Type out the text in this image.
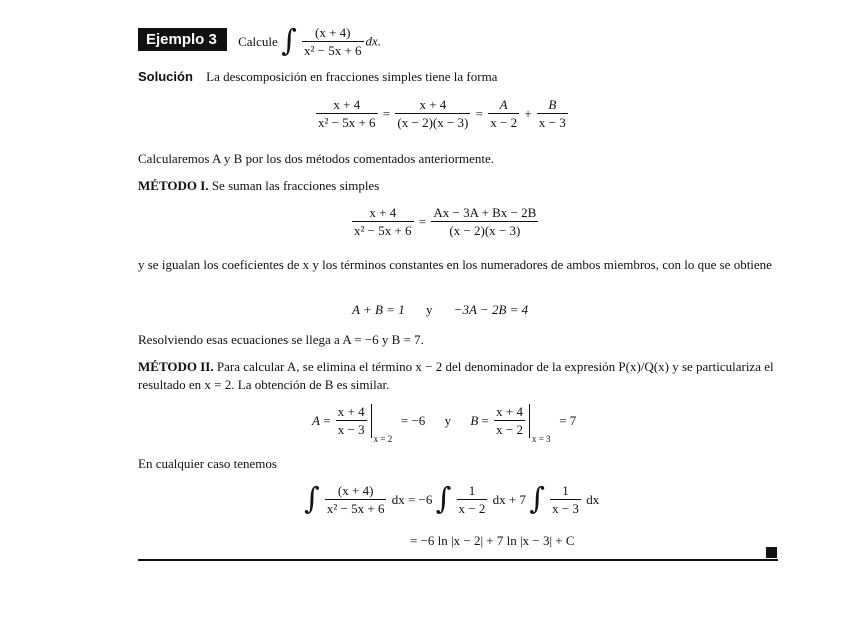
Ejemplo 3 Calcule ∫ $\frac{(x + 4)}{\text{x² − 5x + 6}}$ dx.
Solución La descomposición en fracciones simples tiene la forma
$\frac{x + 4}{\text{x² − 5x + 6}} = \frac{x + 4}{(x - 2)(x - 3)} = \frac{A}{x - 2} + \frac{B}{x - 3}$
Calcularemos A y B por los dos métodos comentados anteriormente.
MÉTODO I. Se suman las fracciones simples
$\frac{x + 4}{\text{x² − 5x + 6}} = \frac{Ax - 3A + Bx - 2B}{(x - 2)(x - 3)}$
y se igualan los coeficientes de x y los términos constantes en los numeradores de ambos miembros, con lo que se obtiene
A + B = 1 y −3A − 2B = 4
Resolviendo esas ecuaciones se llega a A = −6 y B = 7.
MÉTODO II. Para calcular A, se elimina el término x − 2 del denominador de la expresión P(x)/Q(x) y se particulariza el resultado en x = 2. La obtención de B es similar.
$A = \frac{x + 4}{x - 3}$
x = 2
= −6 y $B = \frac{x + 4}{x - 2}$
x = 3
= 7
En cualquier caso tenemos
∫ $\frac{(x + 4)}{\text{x² − 5x + 6}}$ dx = −6 ∫ $\frac{1}{x - 2}$ dx + 7 ∫ $\frac{1}{x - 3}$ dx
= −6 ln |x − 2| + 7 ln |x − 3| + C
